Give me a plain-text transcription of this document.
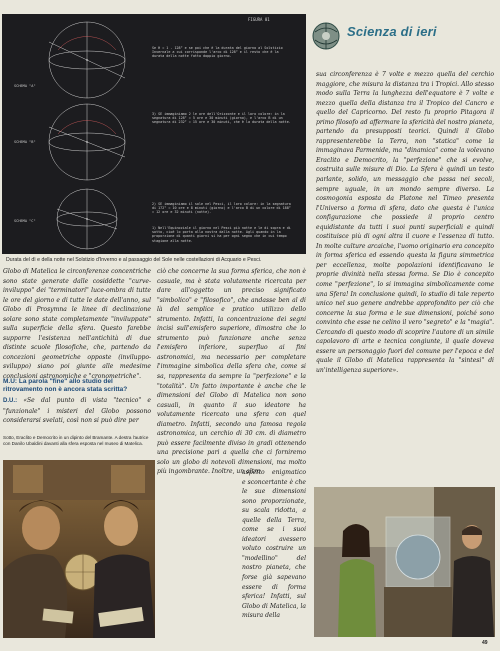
FIGURA 01
SCHEMA "A"
SCHEMA "B"
SCHEMA "C"
Se H = 1 - 128° e se poi che è la durata del giorno al Solstizio Invernale a cui corrisponde l'arco di 128° e il resto che è la durata della notte fatto doppio giorno.
3) SE immaginiamo 2 le ore dell'Orizzonte e il loro colore: in la segnatura di 128° = 5 ore e 30 minuti (giorno), e l'arco B di un segnatura di 232° = 15 ore e 30 minuti, che è la durata della notte.
2) SE immaginiamo il sole nel Pesci, il loro colore: in la segnatura di 172° = 10 ore e 8 minuti (giorno) e l'arco B di un colore di 188° = 12 ore e 32 minuti (notte).
1) Nell'Equinoziale il giorno nel Pesci più notte e le di sopra e di sotto, cioè lo porta alla nostra dalla notte. Agli quando in la proporzione di quanti giorni si ha per ogni segno che in cui tempo stagione alla notte.
Durata del dì e della notte nel Solstizio d'Inverno e al passaggio del Sole nelle costellazioni di Acquario e Pesci.
Scienza di ieri

Globo di Matelica le circonferenze concentriche sono state generate dalle cosiddette "curve-inviluppo" dei "terminatori" luce-ombra di tutte le ore del giorno e di tutte le date dell'anno, sul Globo di Prosymna le linee di declinazione solare sono state completamente "inviluppate" sulla superficie della sfera. Questo farebbe supporre l'esistenza nell'antichità di due distinte scuole filosofiche, che, partendo da concezioni geometriche opposte (inviluppo-sviluppo) siano poi giunte alle medesime conclusioni astronomiche e "cronometriche".

M.U: La parola "fine" allo studio del ritrovamento non è ancora stata scritta?

D.U.: «Se dal punto di vista "tecnico" e "funzionale" i misteri del Globo possono considerarsi svelati, così non si può dire per

Sotto, Eraclito e Democrito in un dipinto del Bramante. A destra l'autrice con Danilo Ubaldini davanti alla sfera esposta nel museo di Matelica.

ciò che concerne la sua forma sferica, che non è casuale, ma è stata volutamente ricercata per dare all'oggetto un preciso significato "simbolico" e "filosofico", che andasse ben al di là del semplice e pratico utilizzo dello strumento. Infatti, la concentrazione dei segni incisi sull'emisfero superiore, dimostra che lo strumento può funzionare anche senza l'emisfero inferiore, superfluo ai fini astronomici, ma necessario per completare l'immagine simbolica della sfera che, come si sa, rappresenta da sempre la "perfezione" e la "totalità". Un fatto importante è anche che le dimensioni del Globo di Matelica non sono casuali, in quanto il suo ideatore ha volutamente ricercato una sfera con quel diametro. Infatti, secondo una famosa regola astronomica, un cerchio di 30 cm. di diametro può essere facilmente diviso in gradi ottenendo una precisione pari a quella che ci forniremo solo un globo di notevoli dimensioni, ma molto più ingombrante. Inoltre, un altro

aspetto enigmatico e sconcertante è che le sue dimensioni sono proporzionate, su scala ridotta, a quelle della Terra, come se i suoi ideatori avessero voluto costruire un "modellino" del nostro pianeta, che forse già sapevano essere di forma sferica! Infatti, sul Globo di Matelica, la misura della

sua circonferenza è 7 volte e mezzo quella del cerchio maggiore, che misura la distanza tra i Tropici. Allo stesso modo sulla Terra la lunghezza dell'equatore è 7 volte e mezzo quella della distanza tra il Tropico del Cancro e quello del Capricorno. Del resto fu proprio Pitagora il primo filosofo ad affermare la sfericità del nostro pianeta, partendo da presupposti teorici. Quindi il Globo rappresenterebbe la Terra, non "statica" come la immaginava Parmenide, ma "dinamica" come la volevano Eraclito e Democrito, la "perfezione" che si evolve, costruita sulle misure di Dio. La Sfera è quindi un testo parlante, solido, un messaggio che passa nei secoli, sempre uguale, in un mondo sempre diverso. La cosmogonia esposta da Platone nel Timeo presenta l'Universo a forma di sfera, dato che questa è l'unica configurazione che possiede il proprio centro equidistante da tutti i suoi punti superficiali e quindi costituisce più di ogni altra il cuore e l'essenza di tutto. In molte culture arcaiche, l'uomo originario era concepito in forma sferica ed essendo questa la figura simmetrica per eccellenza, molte popolazioni identificavano le proprie divinità nella stessa forma. Se Dio è concepito come "perfezione", lo si immagina simbolicamente come una Sfera! In conclusione quindi, lo studio di tale reperto unico nel suo genere andrebbe approfondito per ciò che concerne la sua forma e le sue dimensioni, poiché sono convinto che esse ne celino il vero "segreto" e la "magia". Cercando di questo modo di scoprire l'autore di un simile capolavoro di arte e tecnica congiunte, il quale doveva essere un personaggio fuori del comune per l'epoca e del quale il Globo di Matelica rappresenta la "sintesi" di un'intelligenza superiore».

49
